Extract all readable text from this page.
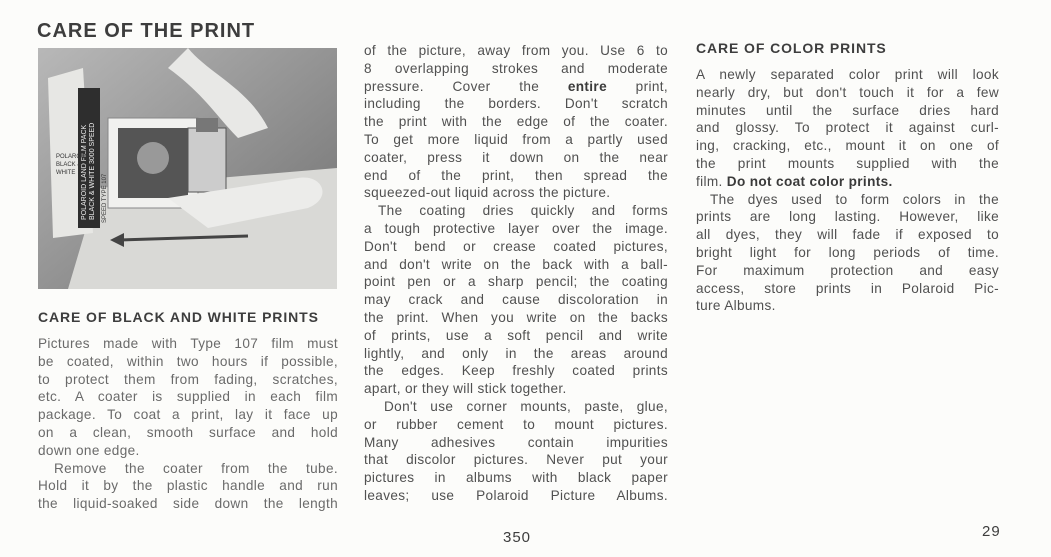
CARE OF THE PRINT
POLAROID LAND FILM PACK BLACK & WHITE 3000 SPEED
POLAROID
BLACK &
WHITE
SPEED TYPE 107
CARE OF BLACK AND WHITE PRINTS

Pictures made with Type 107 film must
be coated, within two hours if possible,
to protect them from fading, scratches,
etc. A coater is supplied in each film
package. To coat a print, lay it face up
on a clean, smooth surface and hold
down one edge.

Remove the coater from the tube.
Hold it by the plastic handle and run
the liquid-soaked side down the length

of the picture, away from you. Use 6 to
8 overlapping strokes and moderate
pressure. Cover the entire print,
including the borders. Don't scratch
the print with the edge of the coater.
To get more liquid from a partly used
coater, press it down on the near
end of the print, then spread the
squeezed-out liquid across the picture.

The coating dries quickly and forms
a tough protective layer over the image.
Don't bend or crease coated pictures,
and don't write on the back with a ball-
point pen or a sharp pencil; the coating
may crack and cause discoloration in
the print. When you write on the backs
of prints, use a soft pencil and write
lightly, and only in the areas around
the edges. Keep freshly coated prints
apart, or they will stick together.

Don't use corner mounts, paste, glue,
or rubber cement to mount pictures.
Many adhesives contain impurities
that discolor pictures. Never put your
pictures in albums with black paper
leaves; use Polaroid Picture Albums.

CARE OF COLOR PRINTS

A newly separated color print will look
nearly dry, but don't touch it for a few
minutes until the surface dries hard
and glossy. To protect it against curl-
ing, cracking, etc., mount it on one of
the print mounts supplied with the
film. Do not coat color prints.

The dyes used to form colors in the
prints are long lasting. However, like
all dyes, they will fade if exposed to
bright light for long periods of time.
For maximum protection and easy
access, store prints in Polaroid Pic-
ture Albums.

350	29
